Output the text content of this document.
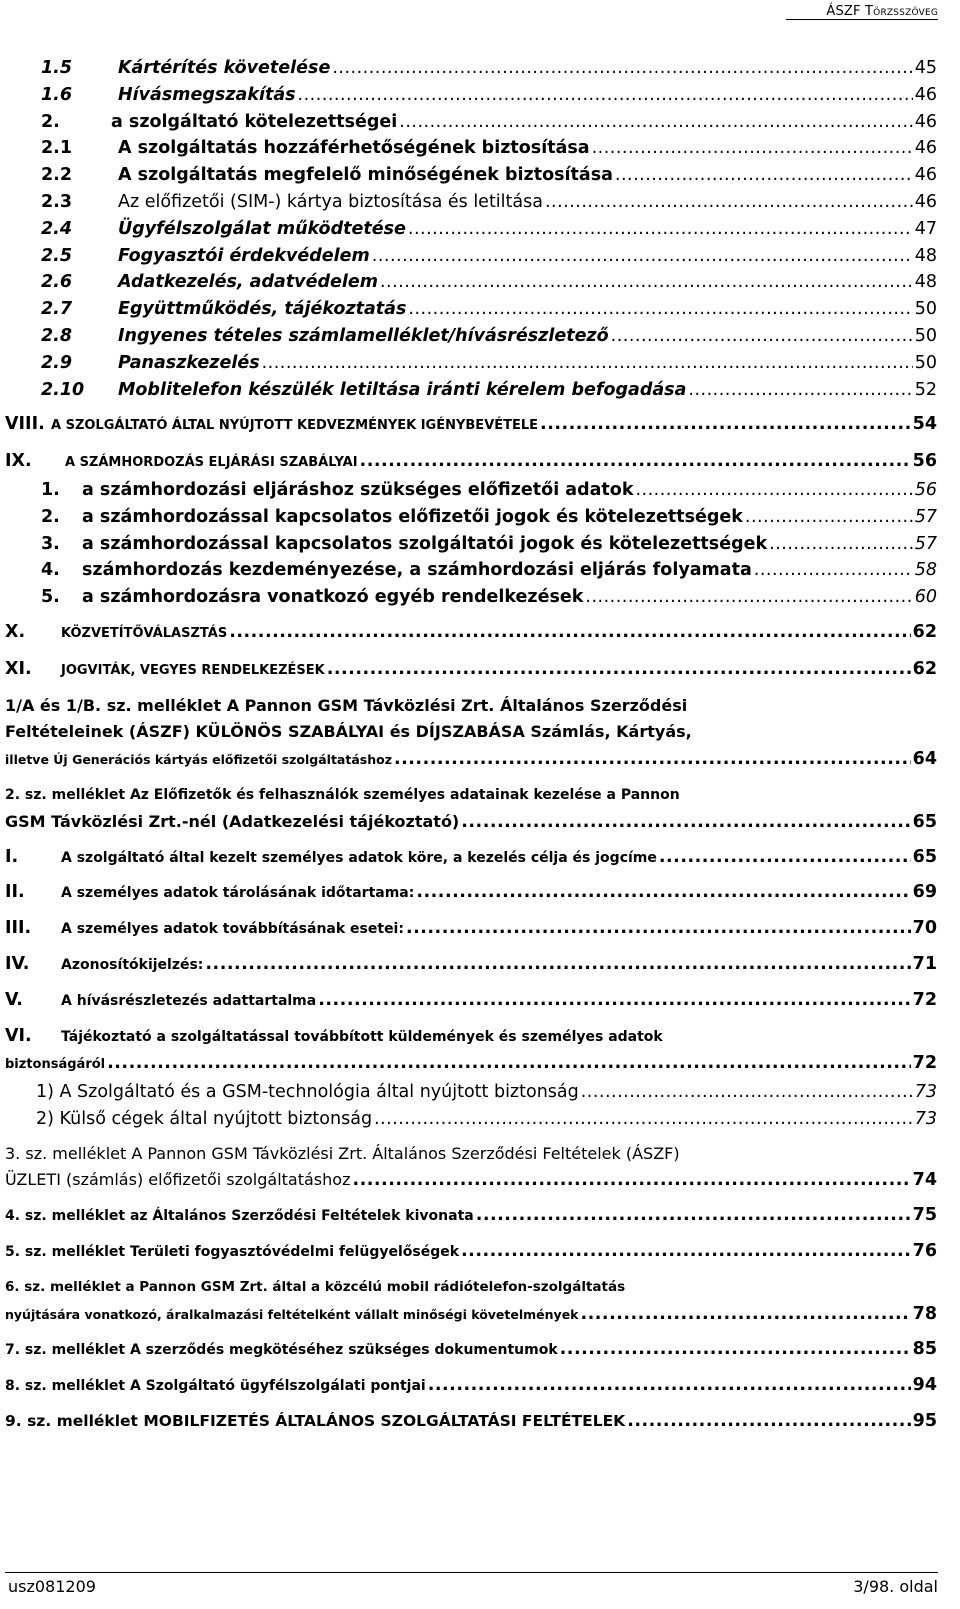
ÁSZF Törzsszöveg
1.5	Kártérítés követelése .....	45
1.6	Hívásmegszakítás .....	46
2.	a szolgáltató kötelezettségei .....	46
2.1	A szolgáltatás hozzáférhetőségének biztosítása .....	46
2.2	A szolgáltatás megfelelő minőségének biztosítása .....	46
2.3	Az előfizetői (SIM-) kártya biztosítása és letiltása .....	46
2.4	Ügyfélszolgálat működtetése .....	47
2.5	Fogyasztói érdekvédelem .....	48
2.6	Adatkezelés, adatvédelem .....	48
2.7	Együttműködés, tájékoztatás .....	50
2.8	Ingyenes tételes számlamelléklet/hívásrészletező .....	50
2.9	Panaszkezelés .....	50
2.10	Moblitelefon készülék letiltása iránti kérelem befogadása .....	52
VIII. A SZOLGÁLTATÓ ÁLTAL NYÚJTOTT KEDVEZMÉNYEK IGÉNYBEVÉTELE .....	54
IX.	A SZÁMHORDOZÁS ELJÁRÁSI SZABÁLYAI .....	56
1.	a számhordozási eljáráshoz szükséges előfizetői adatok .....	56
2.	a számhordozással kapcsolatos előfizetői jogok és kötelezettségek .....	57
3.	a számhordozással kapcsolatos szolgáltatói jogok és kötelezettségek .....	57
4.	számhordozás kezdeményezése, a számhordozási eljárás folyamata .....	58
5.	a számhordozásra vonatkozó egyéb rendelkezések .....	60
X.	KÖZVETÍTŐVÁLASZTÁS .....	62
XI.	JOGVITÁK, VEGYES RENDELKEZÉSEK .....	62
1/A és 1/B. sz. melléklet A Pannon GSM Távközlési Zrt. Általános Szerződési
Feltételeinek (ÁSZF) KÜLÖNÖS SZABÁLYAI és DÍJSZABÁSA Számlás, Kártyás,
illetve Új Generációs kártyás előfizetői szolgáltatáshoz .....	64
2. sz. melléklet Az Előfizetők és felhasználók személyes adatainak kezelése a Pannon
GSM Távközlési Zrt.-nél (Adatkezelési tájékoztató) .....	65
I.	A szolgáltató által kezelt személyes adatok köre, a kezelés célja és jogcíme .....	65
II.	A személyes adatok tárolásának időtartama: .....	69
III.	A személyes adatok továbbításának esetei: .....	70
IV.	Azonosítókijelzés: .....	71
V.	A hívásrészletezés adattartalma .....	72
VI. Tájékoztató a szolgáltatással továbbított küldemények és személyes adatok
biztonságáról .....	72
1) A Szolgáltató és a GSM-technológia által nyújtott biztonság .....	73
2) Külső cégek által nyújtott biztonság .....	73
3. sz. melléklet A Pannon GSM Távközlési Zrt. Általános Szerződési Feltételek (ÁSZF)
ÜZLETI (számlás) előfizetői szolgáltatáshoz .....	74
4. sz. melléklet az Általános Szerződési Feltételek kivonata .....	75
5. sz. melléklet Területi fogyasztóvédelmi felügyelőségek .....	76
6. sz. melléklet a Pannon GSM Zrt. által a közcélú mobil rádiótelefon-szolgáltatás
nyújtására vonatkozó, áralkalmazási feltételként vállalt minőségi követelmények .....	78
7. sz. melléklet A szerződés megkötéséhez szükséges dokumentumok .....	85
8. sz. melléklet A Szolgáltató ügyfélszolgálati pontjai .....	94
9. sz. melléklet MOBILFIZETÉS ÁLTALÁNOS SZOLGÁLTATÁSI FELTÉTELEK .....	95
usz081209	3/98. oldal
